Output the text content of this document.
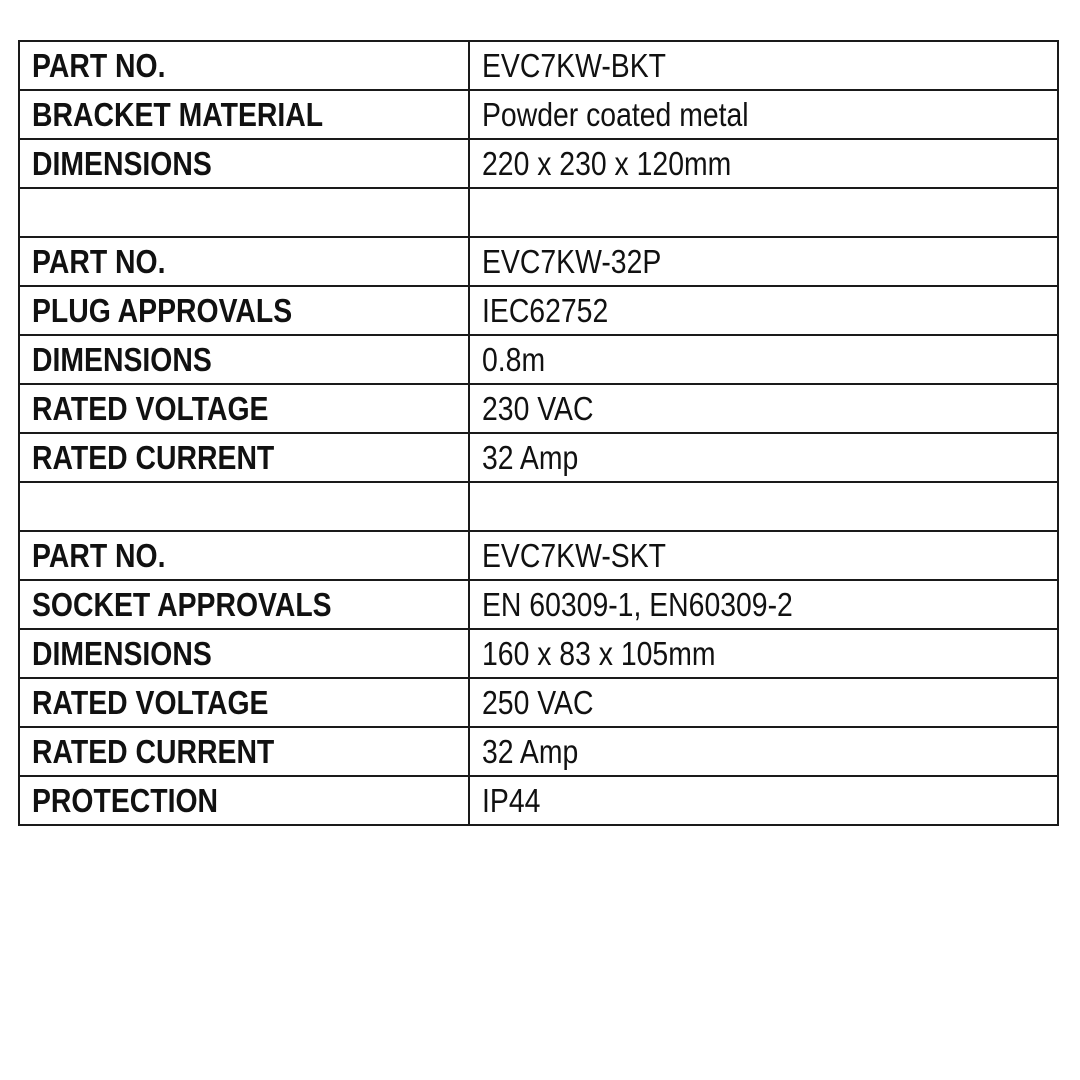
PART NO.	EVC7KW-BKT
BRACKET MATERIAL	Powder coated metal
DIMENSIONS	220 x 230 x 120mm

PART NO.	EVC7KW-32P
PLUG APPROVALS	IEC62752
DIMENSIONS	0.8m
RATED VOLTAGE	230 VAC
RATED CURRENT	32 Amp

PART NO.	EVC7KW-SKT
SOCKET APPROVALS	EN 60309-1, EN60309-2
DIMENSIONS	160 x 83 x 105mm
RATED VOLTAGE	250 VAC
RATED CURRENT	32 Amp
PROTECTION	IP44
